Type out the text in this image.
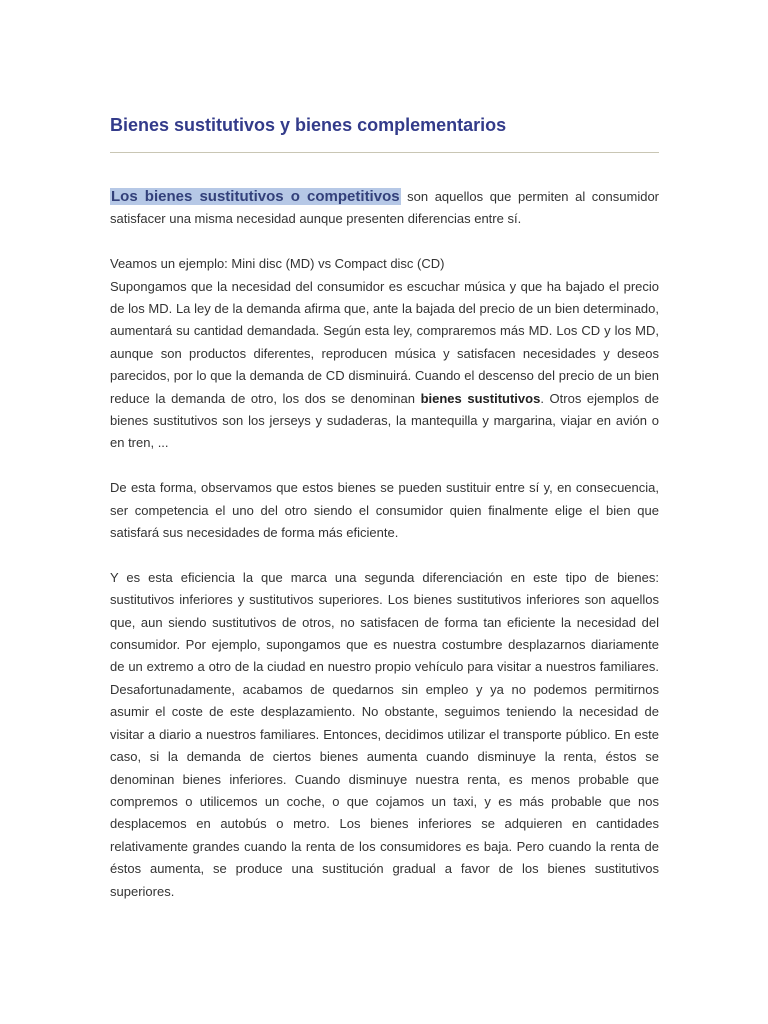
Bienes sustitutivos y bienes complementarios

Los bienes sustitutivos o competitivos son aquellos que permiten al consumidor satisfacer una misma necesidad aunque presenten diferencias entre sí.

Veamos un ejemplo: Mini disc (MD) vs Compact disc (CD)

Supongamos que la necesidad del consumidor es escuchar música y que ha bajado el precio de los MD. La ley de la demanda afirma que, ante la bajada del precio de un bien determinado, aumentará su cantidad demandada. Según esta ley, compraremos más MD. Los CD y los MD, aunque son productos diferentes, reproducen música y satisfacen necesidades y deseos parecidos, por lo que la demanda de CD disminuirá. Cuando el descenso del precio de un bien reduce la demanda de otro, los dos se denominan bienes sustitutivos. Otros ejemplos de bienes sustitutivos son los jerseys y sudaderas, la mantequilla y margarina, viajar en avión o en tren, ...

De esta forma, observamos que estos bienes se pueden sustituir entre sí y, en consecuencia, ser competencia el uno del otro siendo el consumidor quien finalmente elige el bien que satisfará sus necesidades de forma más eficiente.

Y es esta eficiencia la que marca una segunda diferenciación en este tipo de bienes: sustitutivos inferiores y sustitutivos superiores. Los bienes sustitutivos inferiores son aquellos que, aun siendo sustitutivos de otros, no satisfacen de forma tan eficiente la necesidad del consumidor. Por ejemplo, supongamos que es nuestra costumbre desplazarnos diariamente de un extremo a otro de la ciudad en nuestro propio vehículo para visitar a nuestros familiares. Desafortunadamente, acabamos de quedarnos sin empleo y ya no podemos permitirnos asumir el coste de este desplazamiento. No obstante, seguimos teniendo la necesidad de visitar a diario a nuestros familiares. Entonces, decidimos utilizar el transporte público. En este caso, si la demanda de ciertos bienes aumenta cuando disminuye la renta, éstos se denominan bienes inferiores. Cuando disminuye nuestra renta, es menos probable que compremos o utilicemos un coche, o que cojamos un taxi, y es más probable que nos desplacemos en autobús o metro. Los bienes inferiores se adquieren en cantidades relativamente grandes cuando la renta de los consumidores es baja. Pero cuando la renta de éstos aumenta, se produce una sustitución gradual a favor de los bienes sustitutivos superiores.
